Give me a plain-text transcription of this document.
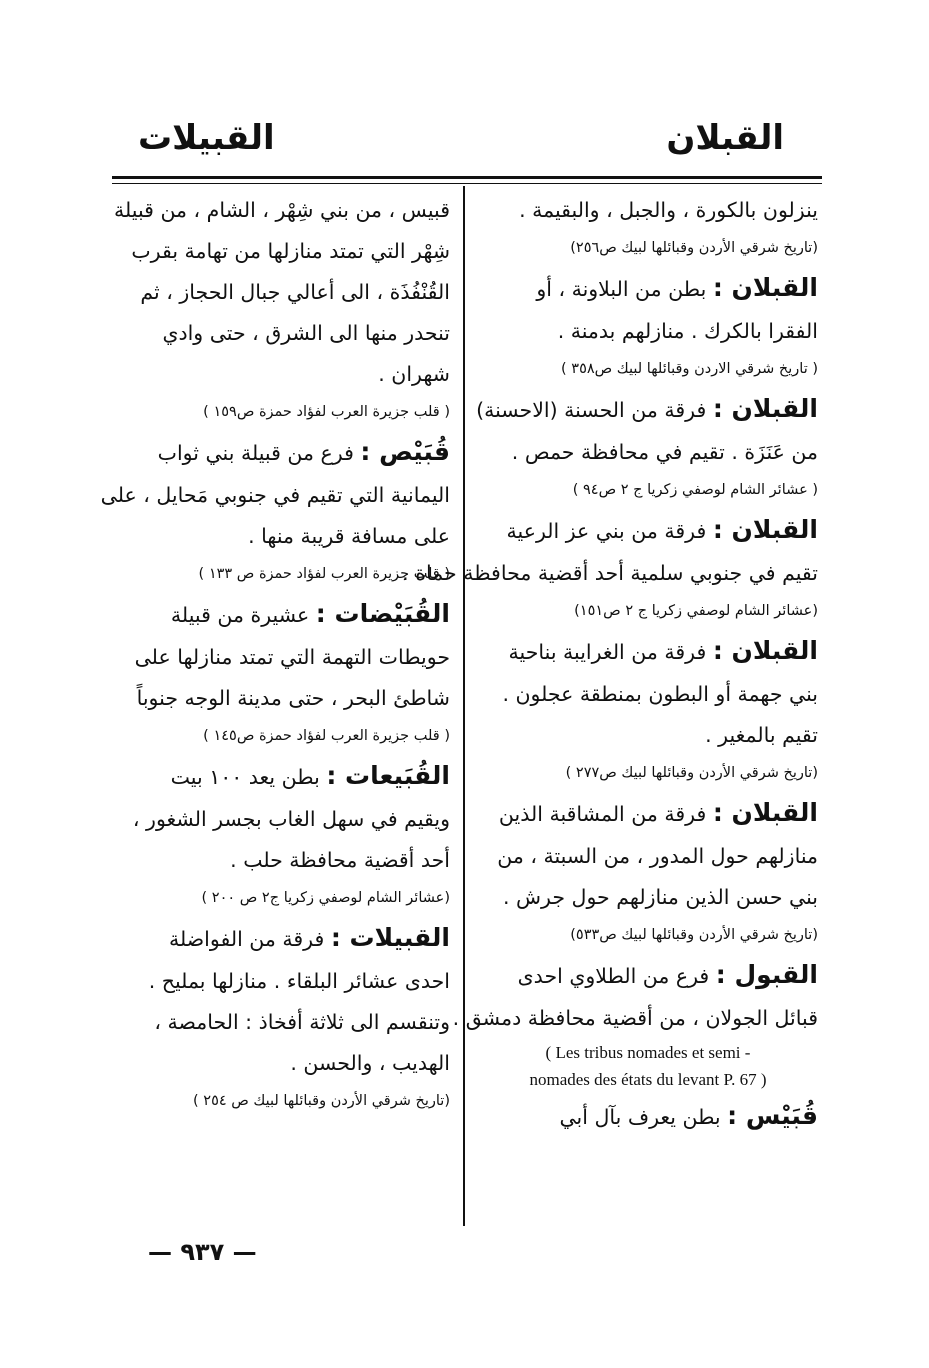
القبلان
القبيلات
ينزلون بالكورة ، والجبل ، والبقيمة .
(تاريخ شرقي الأردن وقبائلها لبيك ص٢٥٦)
القبلان : بطن من البلاونة ، أو
الفقرا بالكرك . منازلهم بدمنة .
( تاريخ شرقي الاردن وقبائلها لبيك ص٣٥٨ )
القبلان : فرقة من الحسنة (الاحسنة)
من عَنَزَة . تقيم في محافظة حمص .
( عشائر الشام لوصفي زكريا ج ٢ ص٩٤ )
القبلان : فرقة من بني عز الرعية
تقيم في جنوبي سلمية أحد أقضية محافظة حماة .
(عشائر الشام لوصفي زكريا ج ٢ ص١٥١)
القبلان : فرقة من الغرايبة بناحية
بني جهمة أو البطون بمنطقة عجلون .
تقيم بالمغير .
(تاريخ شرقي الأردن وقبائلها لبيك ص٢٧٧ )
القبلان : فرقة من المشاقبة الذين
منازلهم حول المدور ، من السبتة ، من
بني حسن الذين منازلهم حول جرش .
(تاريخ شرقي الأردن وقبائلها لبيك ص٥٣٣)
القبول : فرع من الطلاوي احدى
قبائل الجولان ، من أقضية محافظة دمشق .
( Les tribus nomades et semi -
nomades des états du levant P. 67 )
قُبَيْس : بطن يعرف بآل أبي
قبيس ، من بني شِهْر ، الشام ، من قبيلة
شِهْر التي تمتد منازلها من تهامة بقرب
القُنْفُذَة ، الى أعالي جبال الحجاز ، ثم
تنحدر منها الى الشرق ، حتى وادي
شهران .
( قلب جزيرة العرب لفؤاد حمزة ص١٥٩ )
قُبَيْص : فرع من قبيلة بني ثواب
اليمانية التي تقيم في جنوبي مَحايل ، على
على مسافة قريبة منها .
( قلب جزيرة العرب لفؤاد حمزة ص ١٣٣ )
القُبَيْضات : عشيرة من قبيلة
حويطات التهمة التي تمتد منازلها على
شاطئ البحر ، حتى مدينة الوجه جنوباً
( قلب جزيرة العرب لفؤاد حمزة ص١٤٥ )
القُبَيعات : بطن يعد ١٠٠ بيت
ويقيم في سهل الغاب بجسر الشغور ،
أحد أقضية محافظة حلب .
(عشائر الشام لوصفي زكريا ج٢ ص ٢٠٠ )
القبيلات : فرقة من الفواضلة
احدى عشائر البلقاء . منازلها بمليح .
وتنقسم الى ثلاثة أفخاذ : الحامصة ،
الهديب ، والحسن .
(تاريخ شرقي الأردن وقبائلها لبيك ص ٢٥٤ )
— ٩٣٧ —
